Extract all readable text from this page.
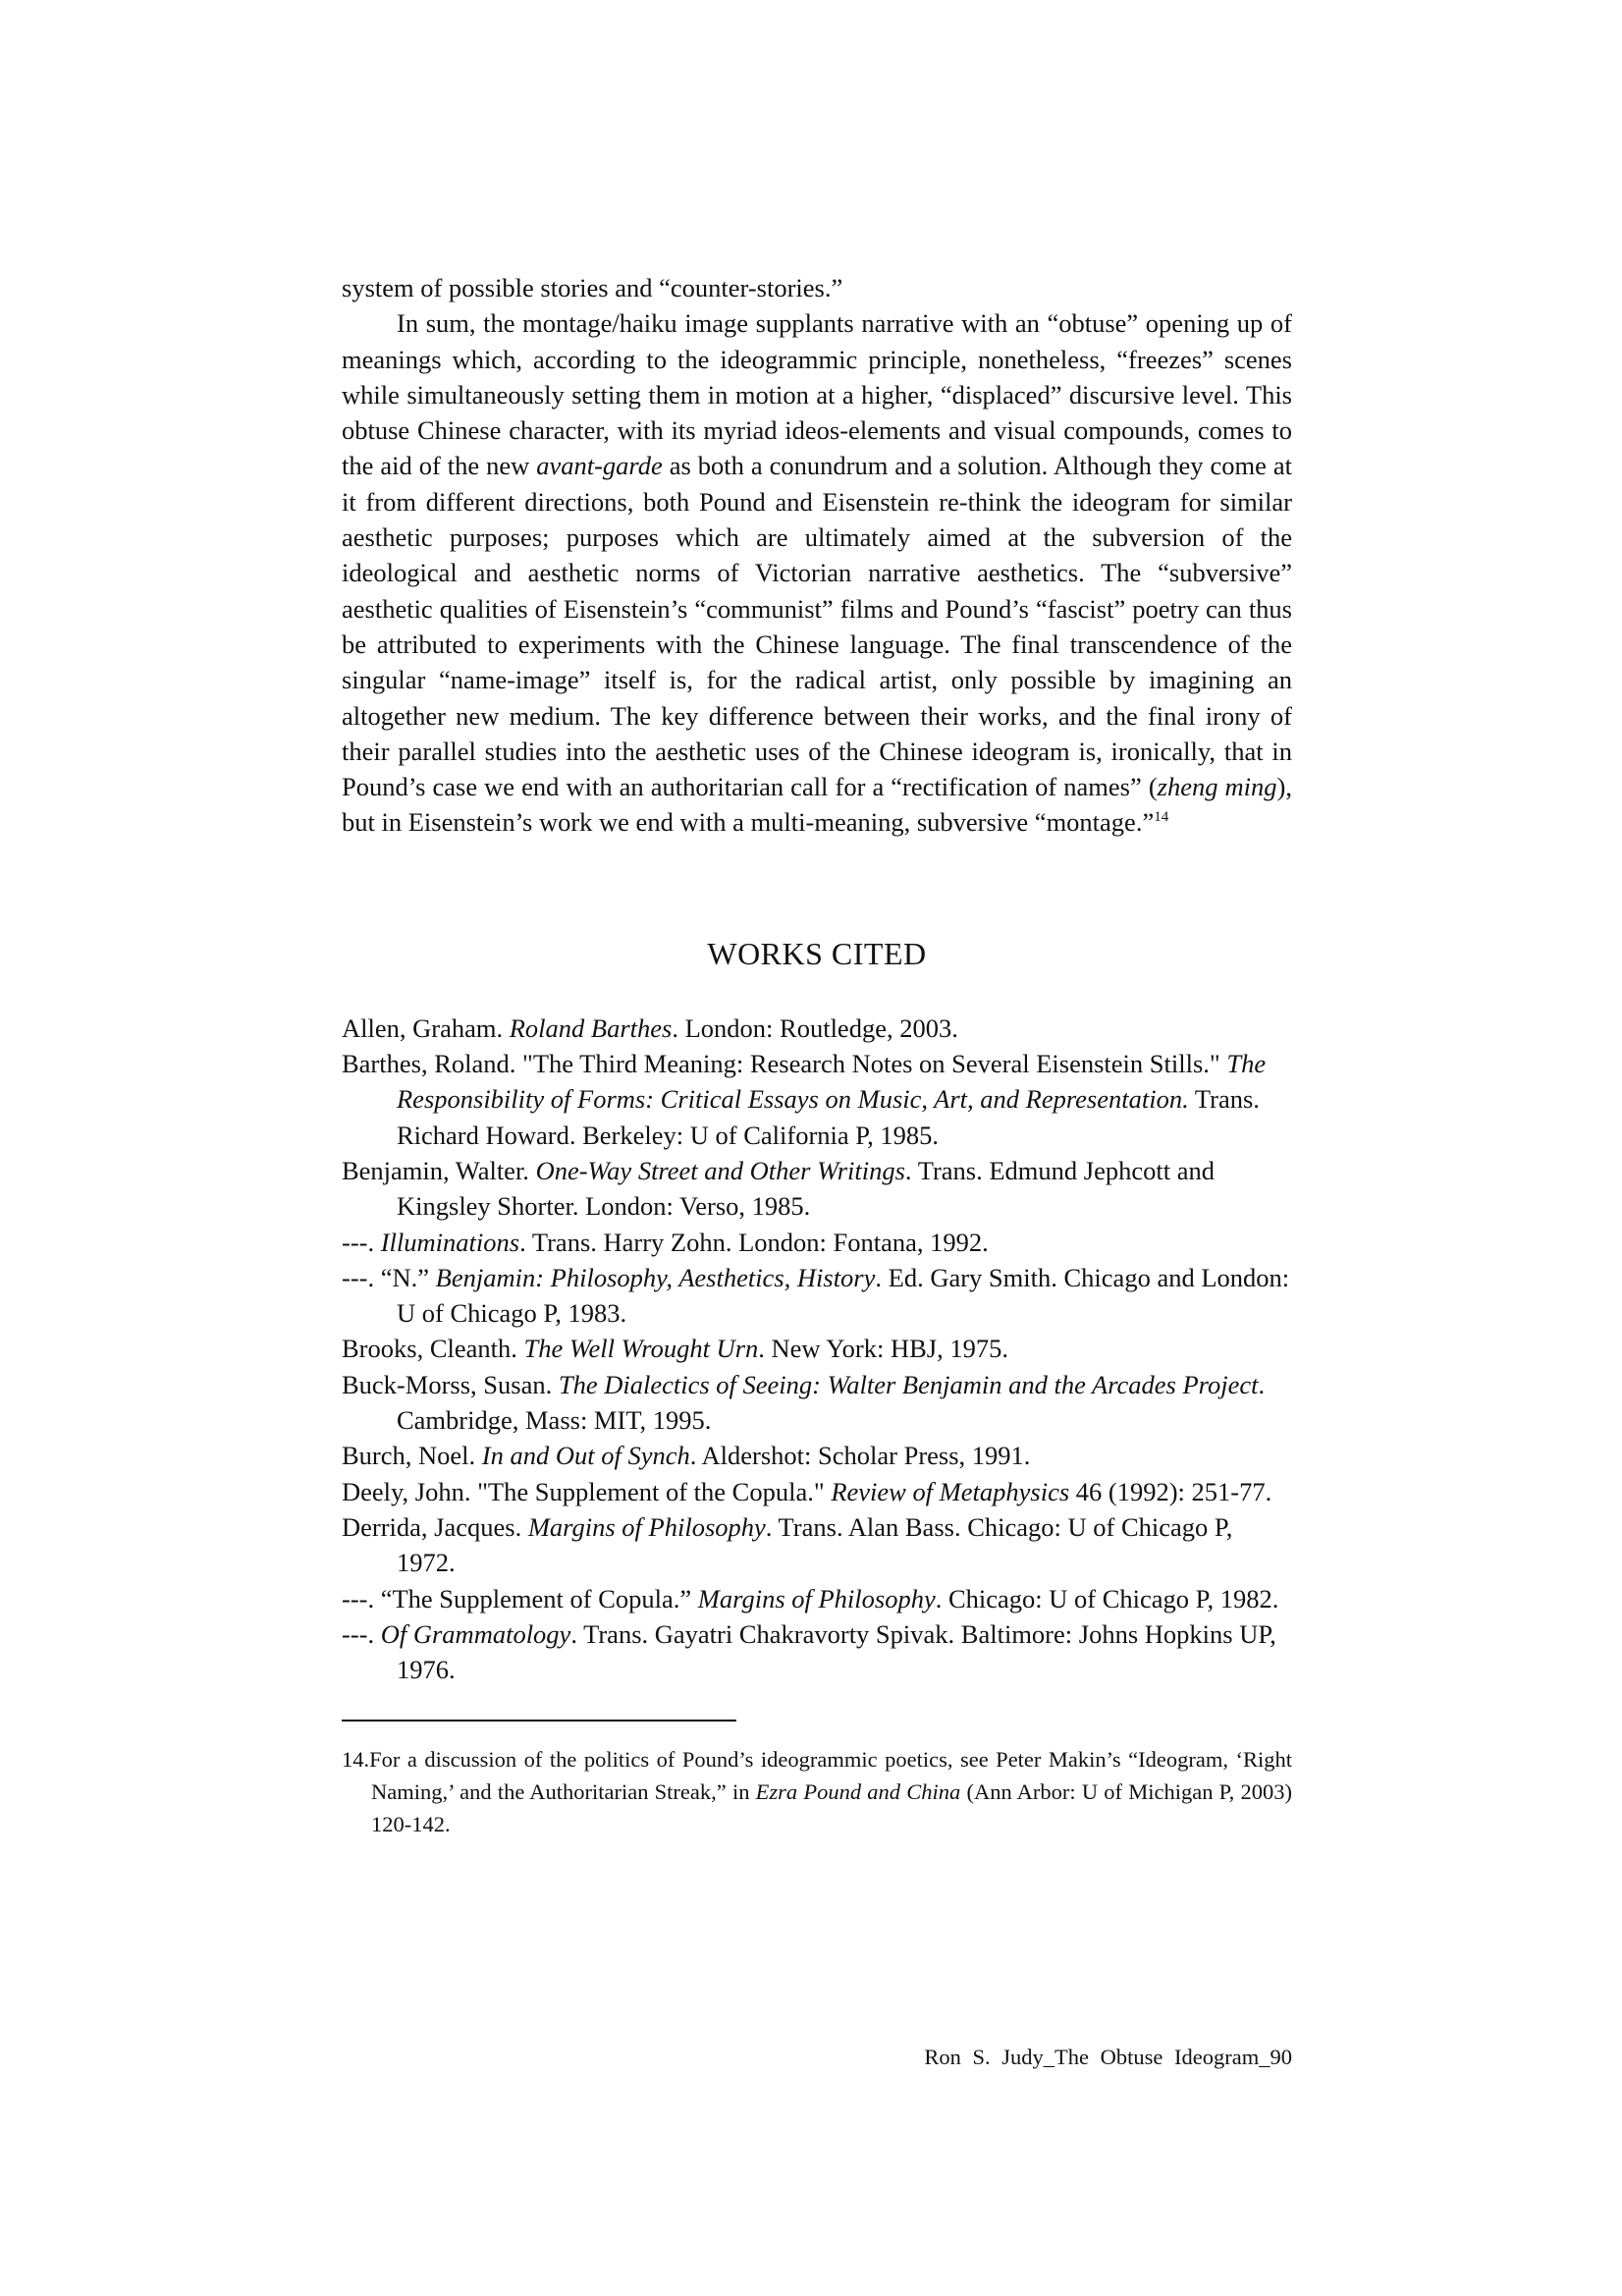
system of possible stories and “counter-stories.”

In sum, the montage/haiku image supplants narrative with an “obtuse” opening up of meanings which, according to the ideogrammic principle, nonetheless, “freezes” scenes while simultaneously setting them in motion at a higher, “displaced” discursive level. This obtuse Chinese character, with its myriad ideos-elements and visual compounds, comes to the aid of the new avant-garde as both a conundrum and a solution. Although they come at it from different directions, both Pound and Eisenstein re-think the ideogram for similar aesthetic purposes; purposes which are ultimately aimed at the subversion of the ideological and aesthetic norms of Victorian narrative aesthetics. The “subversive” aesthetic qualities of Eisenstein’s “communist” films and Pound’s “fascist” poetry can thus be attributed to experiments with the Chinese language. The final transcendence of the singular “name-image” itself is, for the radical artist, only possible by imagining an altogether new medium. The key difference between their works, and the final irony of their parallel studies into the aesthetic uses of the Chinese ideogram is, ironically, that in Pound’s case we end with an authoritarian call for a “rectification of names” (zheng ming), but in Eisenstein’s work we end with a multi-meaning, subversive “montage.”$^{14}$

WORKS CITED

Allen, Graham. Roland Barthes. London: Routledge, 2003.

Barthes, Roland. "The Third Meaning: Research Notes on Several Eisenstein Stills." The Responsibility of Forms: Critical Essays on Music, Art, and Representation. Trans. Richard Howard. Berkeley: U of California P, 1985.

Benjamin, Walter. One-Way Street and Other Writings. Trans. Edmund Jephcott and Kingsley Shorter. London: Verso, 1985.

---. Illuminations. Trans. Harry Zohn. London: Fontana, 1992.

---. “N.” Benjamin: Philosophy, Aesthetics, History. Ed. Gary Smith. Chicago and London: U of Chicago P, 1983.

Brooks, Cleanth. The Well Wrought Urn. New York: HBJ, 1975.

Buck-Morss, Susan. The Dialectics of Seeing: Walter Benjamin and the Arcades Project. Cambridge, Mass: MIT, 1995.

Burch, Noel. In and Out of Synch. Aldershot: Scholar Press, 1991.

Deely, John. "The Supplement of the Copula." Review of Metaphysics 46 (1992): 251-77.

Derrida, Jacques. Margins of Philosophy. Trans. Alan Bass. Chicago: U of Chicago P, 1972.

---. “The Supplement of Copula.” Margins of Philosophy. Chicago: U of Chicago P, 1982.

---. Of Grammatology. Trans. Gayatri Chakravorty Spivak. Baltimore: Johns Hopkins UP, 1976.

14.For a discussion of the politics of Pound’s ideogrammic poetics, see Peter Makin’s “Ideogram, ‘Right Naming,’ and the Authoritarian Streak,” in Ezra Pound and China (Ann Arbor: U of Michigan P, 2003) 120-142.

Ron S. Judy_The Obtuse Ideogram_90
